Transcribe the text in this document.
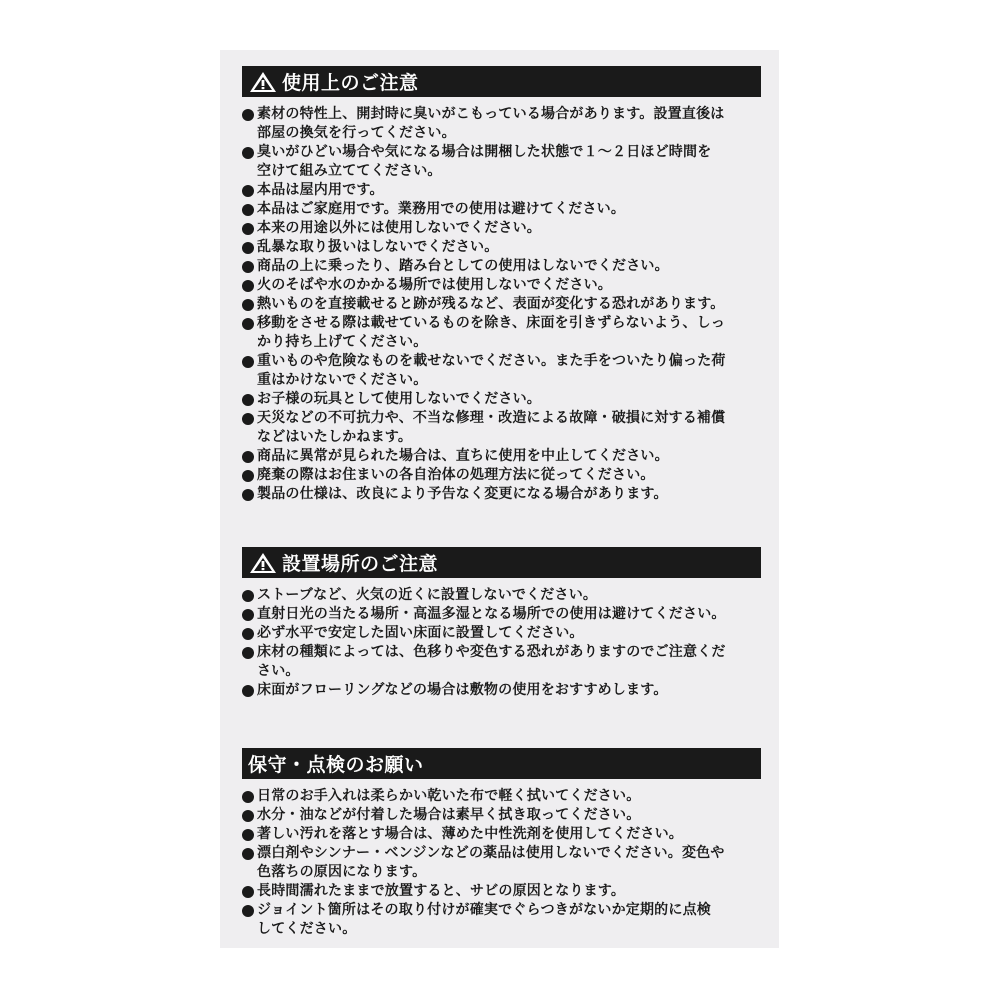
使用上のご注意
素材の特性上、開封時に臭いがこもっている場合があります。設置直後は
部屋の換気を行ってください。
臭いがひどい場合や気になる場合は開梱した状態で１～２日ほど時間を
空けて組み立ててください。
本品は屋内用です。
本品はご家庭用です。業務用での使用は避けてください。
本来の用途以外には使用しないでください。
乱暴な取り扱いはしないでください。
商品の上に乗ったり、踏み台としての使用はしないでください。
火のそばや水のかかる場所では使用しないでください。
熱いものを直接載せると跡が残るなど、表面が変化する恐れがあります。
移動をさせる際は載せているものを除き、床面を引きずらないよう、しっ
かり持ち上げてください。
重いものや危険なものを載せないでください。また手をついたり偏った荷
重はかけないでください。
お子様の玩具として使用しないでください。
天災などの不可抗力や、不当な修理・改造による故障・破損に対する補償
などはいたしかねます。
商品に異常が見られた場合は、直ちに使用を中止してください。
廃棄の際はお住まいの各自治体の処理方法に従ってください。
製品の仕様は、改良により予告なく変更になる場合があります。
設置場所のご注意
ストーブなど、火気の近くに設置しないでください。
直射日光の当たる場所・高温多湿となる場所での使用は避けてください。
必ず水平で安定した固い床面に設置してください。
床材の種類によっては、色移りや変色する恐れがありますのでご注意くだ
さい。
床面がフローリングなどの場合は敷物の使用をおすすめします。
保守・点検のお願い
日常のお手入れは柔らかい乾いた布で軽く拭いてください。
水分・油などが付着した場合は素早く拭き取ってください。
著しい汚れを落とす場合は、薄めた中性洗剤を使用してください。
漂白剤やシンナー・ベンジンなどの薬品は使用しないでください。変色や
色落ちの原因になります。
長時間濡れたままで放置すると、サビの原因となります。
ジョイント箇所はその取り付けが確実でぐらつきがないか定期的に点検
してください。
